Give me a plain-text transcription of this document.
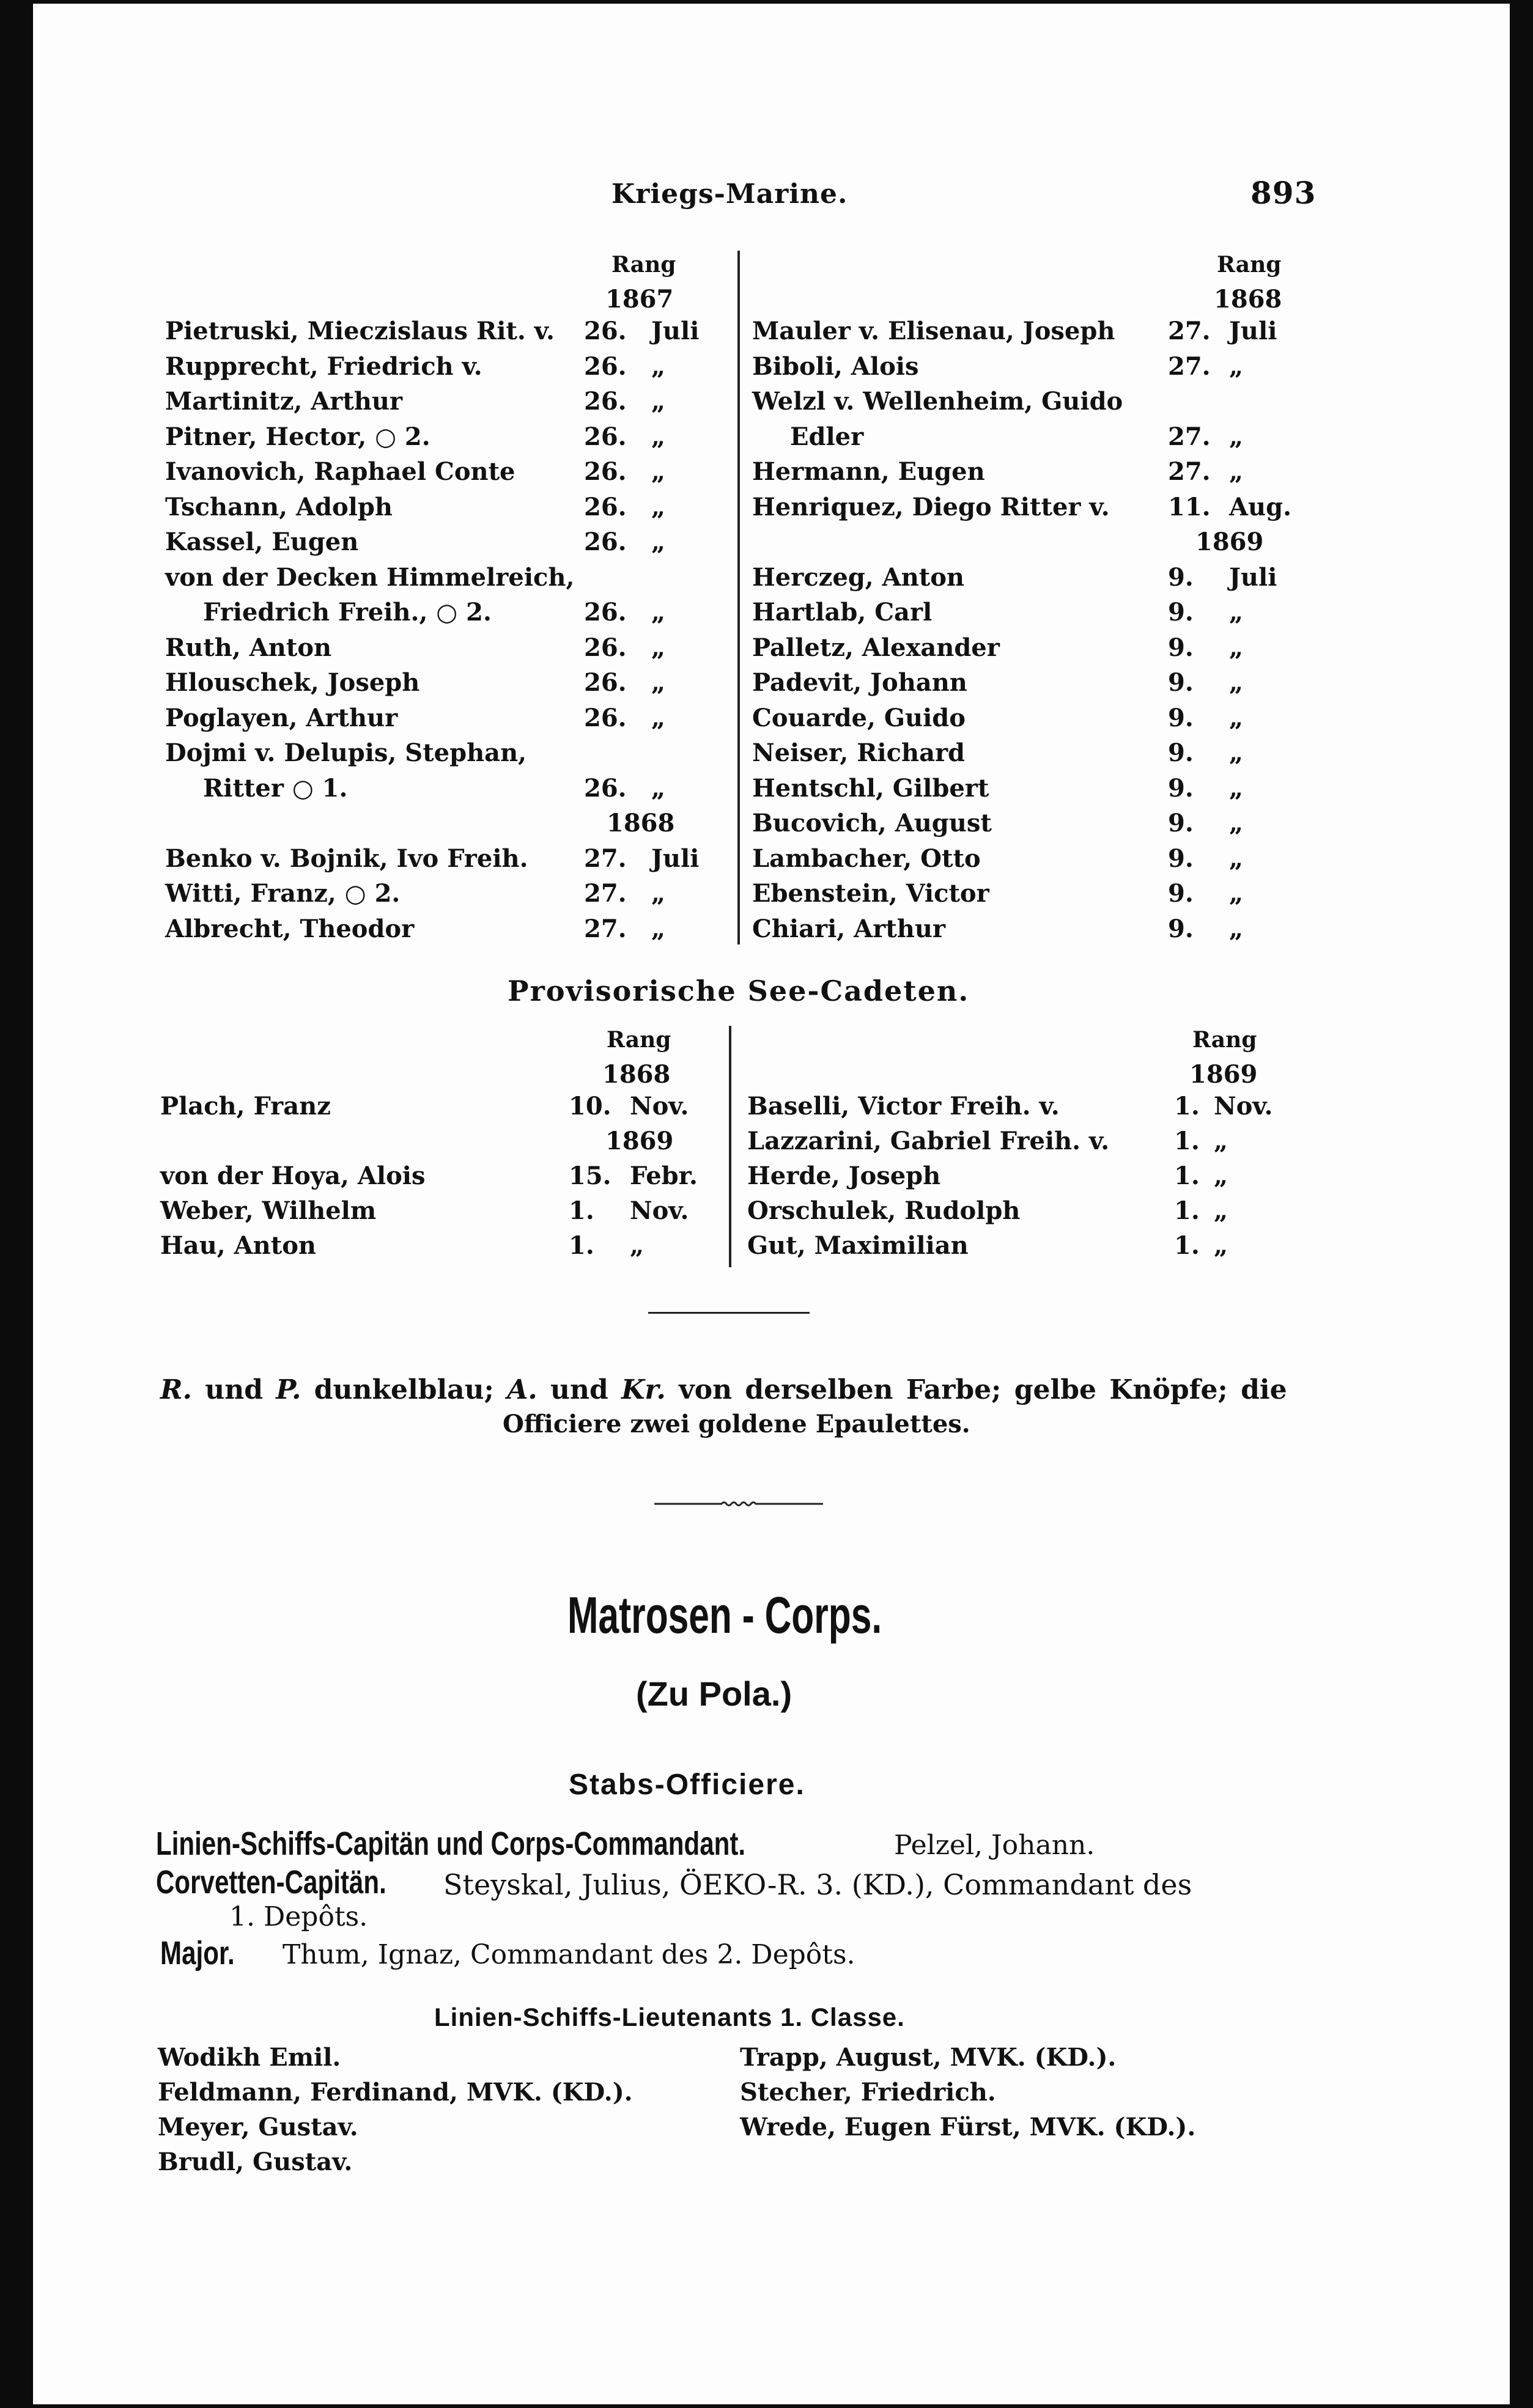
Kriegs-Marine.	893
Rang
1867
Rang
1868
Pietruski, Mieczislaus Rit. v. 26. Juli
Rupprecht, Friedrich v.	26. „
Martinitz, Arthur	26. „
Pitner, Hector, ○ 2.	26. „
Ivanovich, Raphael Conte	26. „
Tschann, Adolph	26. „
Kassel, Eugen	26. „
von der Decken Himmelreich,
Friedrich Freih., ○ 2.	26. „
Ruth, Anton	26. „
Hlouschek, Joseph	26. „
Poglayen, Arthur	26. „
Dojmi v. Delupis, Stephan,
Ritter ○ 1.	26. „
1868
Benko v. Bojnik, Ivo Freih. 27. Juli
Witti, Franz, ○ 2.	27. „
Albrecht, Theodor	27. „
Mauler v. Elisenau, Joseph 27. Juli
Biboli, Alois	27. „
Welzl v. Wellenheim, Guido
Edler	27. „
Hermann, Eugen	27. „
Henriquez, Diego Ritter v. 11. Aug.
1869
Herczeg, Anton	9. Juli
Hartlab, Carl	9. „
Palletz, Alexander	9. „
Padevit, Johann	9. „
Couarde, Guido	9. „
Neiser, Richard	9. „
Hentschl, Gilbert	9. „
Bucovich, August	9. „
Lambacher, Otto	9. „
Ebenstein, Victor	9. „
Chiari, Arthur	9. „
Provisorische See-Cadeten.
Rang
1868
Rang
1869
Plach, Franz	10. Nov.
1869
von der Hoya, Alois	15. Febr.
Weber, Wilhelm	1. Nov.
Hau, Anton	1. „
Baselli, Victor Freih. v.	1. Nov.
Lazzarini, Gabriel Freih. v.	1. „
Herde, Joseph	1. „
Orschulek, Rudolph	1. „
Gut, Maximilian	1. „
R. und P. dunkelblau; A. und Kr. von derselben Farbe; gelbe Knöpfe; die
Officiere zwei goldene Epaulettes.
Matrosen - Corps.
(Zu Pola.)
Stabs-Officiere.
Linien-Schiffs-Capitän und Corps-Commandant.	Pelzel, Johann.
Corvetten-Capitän.	Steyskal, Julius, ÖEKO-R. 3. (KD.), Commandant des
1. Depôts.
Major.	Thum, Ignaz, Commandant des 2. Depôts.
Linien-Schiffs-Lieutenants 1. Classe.
Wodikh Emil.
Feldmann, Ferdinand, MVK. (KD.).
Meyer, Gustav.
Brudl, Gustav.
Trapp, August, MVK. (KD.).
Stecher, Friedrich.
Wrede, Eugen Fürst, MVK. (KD.).
